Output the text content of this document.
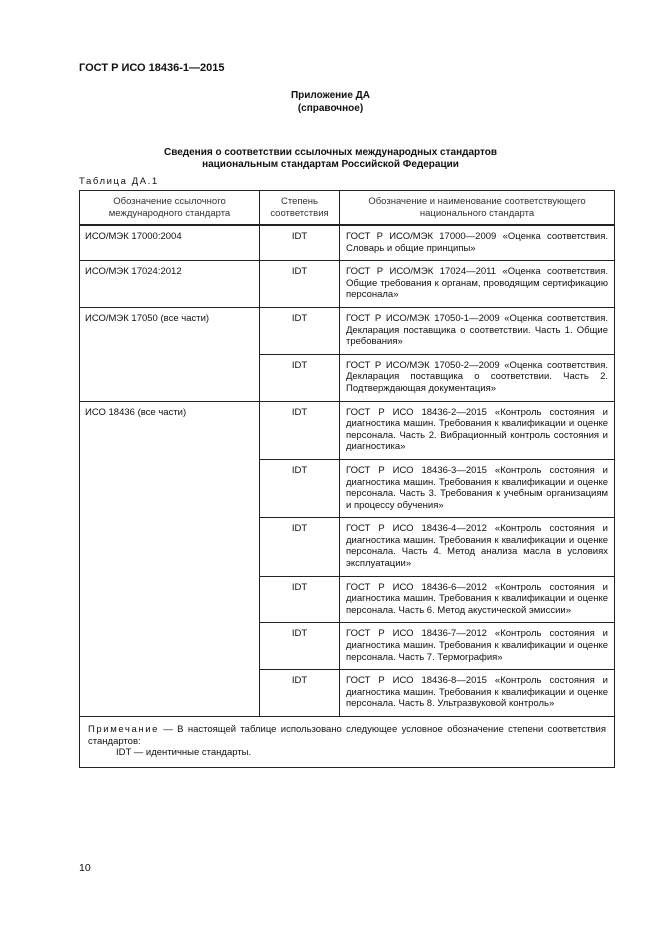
ГОСТ Р ИСО 18436-1—2015
Приложение ДА
(справочное)
Сведения о соответствии ссылочных международных стандартов
национальным стандартам Российской Федерации
Таблица ДА.1
Обозначение ссылочного международного стандарта	Степень соответствия	Обозначение и наименование соответствующего национального стандарта
ИСО/МЭК 17000:2004	IDT	ГОСТ Р ИСО/МЭК 17000—2009 «Оценка соответствия. Словарь и общие принципы»
ИСО/МЭК 17024:2012	IDT	ГОСТ Р ИСО/МЭК 17024—2011 «Оценка соответствия. Общие требования к органам, проводящим сертификацию персонала»
ИСО/МЭК 17050 (все части)	IDT	ГОСТ Р ИСО/МЭК 17050-1—2009 «Оценка соответствия. Декларация поставщика о соответствии. Часть 1. Общие требования»
	IDT	ГОСТ Р ИСО/МЭК 17050-2—2009 «Оценка соответствия. Декларация поставщика о соответствии. Часть 2. Подтверждающая документация»
ИСО 18436 (все части)	IDT	ГОСТ Р ИСО 18436-2—2015 «Контроль состояния и диагностика машин. Требования к квалификации и оценке персонала. Часть 2. Вибрационный контроль состояния и диагностика»
	IDT	ГОСТ Р ИСО 18436-3—2015 «Контроль состояния и диагностика машин. Требования к квалификации и оценке персонала. Часть 3. Требования к учебным организациям и процессу обучения»
	IDT	ГОСТ Р ИСО 18436-4—2012 «Контроль состояния и диагностика машин. Требования к квалификации и оценке персонала. Часть 4. Метод анализа масла в условиях эксплуатации»
	IDT	ГОСТ Р ИСО 18436-6—2012 «Контроль состояния и диагностика машин. Требования к квалификации и оценке персонала. Часть 6. Метод акустической эмиссии»
	IDT	ГОСТ Р ИСО 18436-7—2012 «Контроль состояния и диагностика машин. Требования к квалификации и оценке персонала. Часть 7. Термография»
	IDT	ГОСТ Р ИСО 18436-8—2015 «Контроль состояния и диагностика машин. Требования к квалификации и оценке персонала. Часть 8. Ультразвуковой контроль»

Примечание — В настоящей таблице использовано следующее условное обозначение степени соответствия стандартов:
IDT — идентичные стандарты.		
10
